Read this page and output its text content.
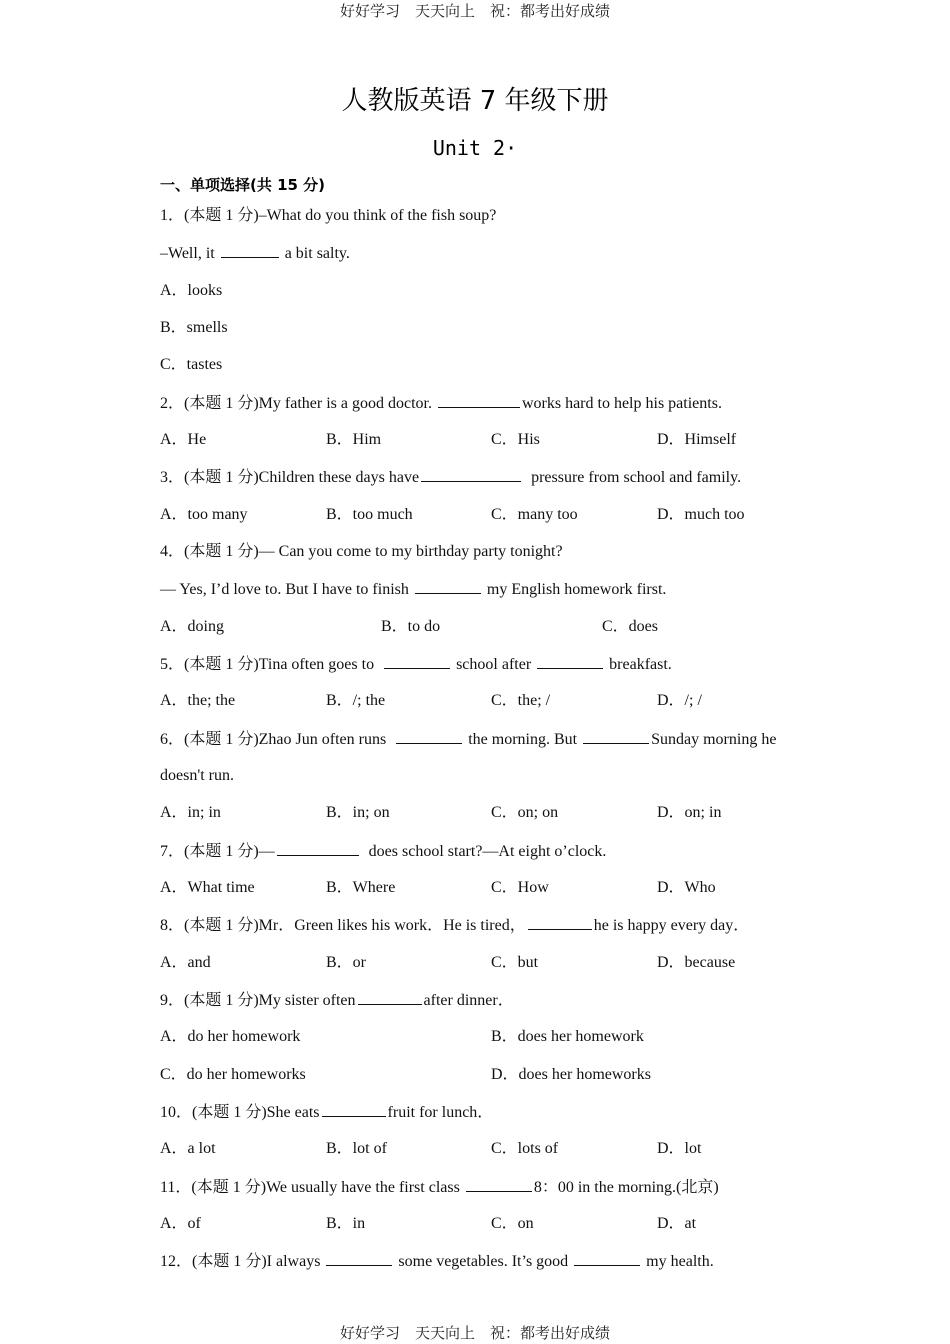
好好学习　天天向上　祝：都考出好成绩
人教版英语 7 年级下册
Unit 2·
一、单项选择(共 15 分)
1．(本题 1 分)–What do you think of the fish soup?
–Well, it	a bit salty.
A．looks
B．smells
C．tastes
2．(本题 1 分)My father is a good doctor.	works hard to help his patients.
A．He	B．Him	C．His	D．Himself
3．(本题 1 分)Children these days have	pressure from school and family.
A．too many	B．too much	C．many too	D．much too
4．(本题 1 分)— Can you come to my birthday party tonight?
— Yes, I’d love to. But I have to finish	my English homework first.
A．doing	B．to do	C．does
5．(本题 1 分)Tina often goes to	school after	breakfast.
A．the; the	B．/; the	C．the; /	D．/; /
6．(本题 1 分)Zhao Jun often runs	the morning. But	Sunday morning he
doesn't run.
A．in; in	B．in; on	C．on; on	D．on; in
7．(本题 1 分)—	does school start?—At eight o’clock.
A．What time	B．Where	C．How	D．Who
8．(本题 1 分)Mr．Green likes his work．He is tired，	he is happy every day．
A．and	B．or	C．but	D．because
9．(本题 1 分)My sister often	after dinner．
A．do her homework	B．does her homework
C．do her homeworks	D．does her homeworks
10．(本题 1 分)She eats	fruit for lunch．
A．a lot	B．lot of	C．lots of	D．lot
11．(本题 1 分)We usually have the first class	8：00 in the morning.(北京)
A．of	B．in	C．on	D．at
12．(本题 1 分)I always	some vegetables. It’s good	my health.
好好学习　天天向上　祝：都考出好成绩
